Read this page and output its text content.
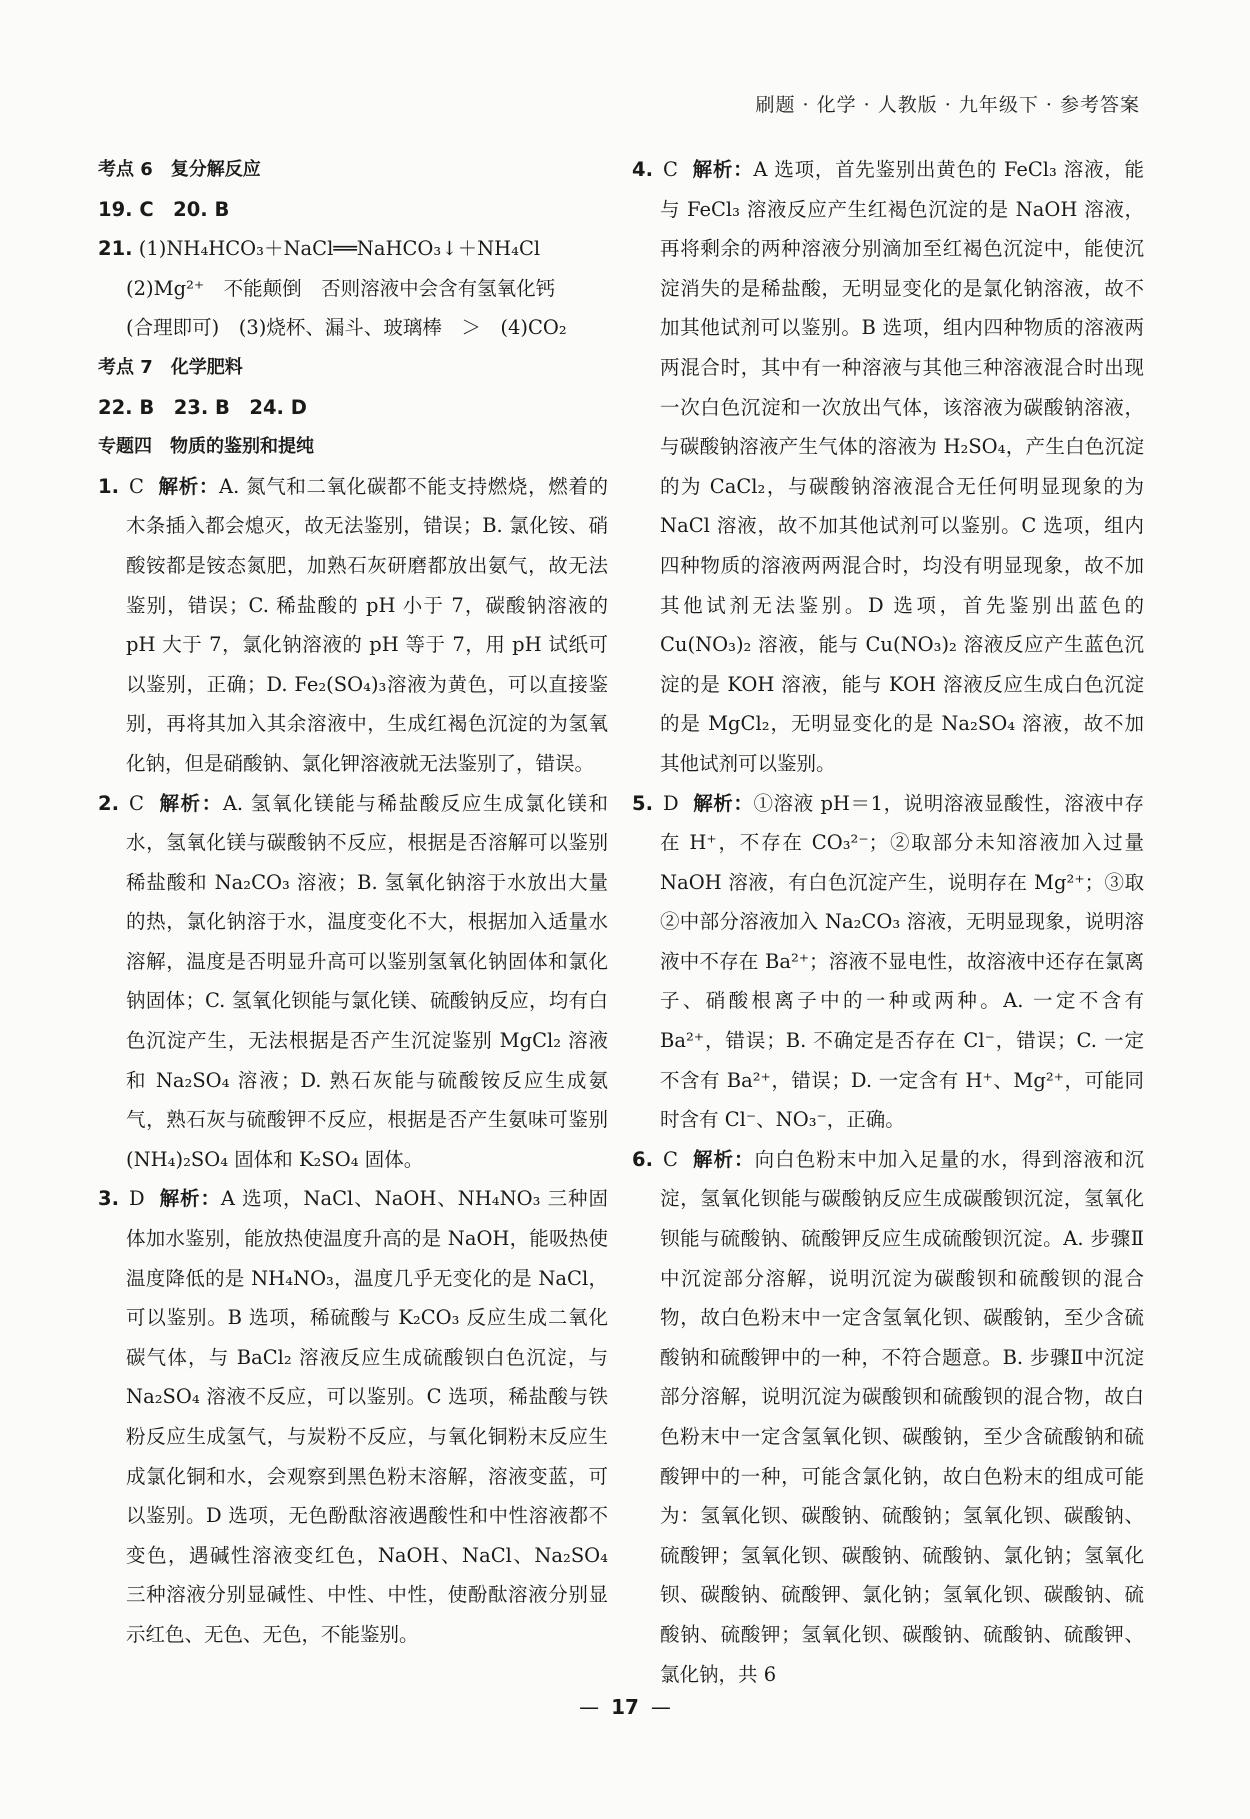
刷题 · 化学 · 人教版 · 九年级下 · 参考答案

考点 6　复分解反应

19. C　20. B

21. (1)NH₄HCO₃＋NaCl══NaHCO₃↓＋NH₄Cl

(2)Mg²⁺　不能颠倒　否则溶液中会含有氢氧化钙

(合理即可)　(3)烧杯、漏斗、玻璃棒　＞　(4)CO₂

考点 7　化学肥料

22. B　23. B　24. D

专题四　物质的鉴别和提纯

1. C 解析：A. 氮气和二氧化碳都不能支持燃烧，燃着的木条插入都会熄灭，故无法鉴别，错误；B. 氯化铵、硝酸铵都是铵态氮肥，加熟石灰研磨都放出氨气，故无法鉴别，错误；C. 稀盐酸的 pH 小于 7，碳酸钠溶液的 pH 大于 7，氯化钠溶液的 pH 等于 7，用 pH 试纸可以鉴别，正确；D. Fe₂(SO₄)₃溶液为黄色，可以直接鉴别，再将其加入其余溶液中，生成红褐色沉淀的为氢氧化钠，但是硝酸钠、氯化钾溶液就无法鉴别了，错误。

2. C 解析：A. 氢氧化镁能与稀盐酸反应生成氯化镁和水，氢氧化镁与碳酸钠不反应，根据是否溶解可以鉴别稀盐酸和 Na₂CO₃ 溶液；B. 氢氧化钠溶于水放出大量的热，氯化钠溶于水，温度变化不大，根据加入适量水溶解，温度是否明显升高可以鉴别氢氧化钠固体和氯化钠固体；C. 氢氧化钡能与氯化镁、硫酸钠反应，均有白色沉淀产生，无法根据是否产生沉淀鉴别 MgCl₂ 溶液和 Na₂SO₄ 溶液；D. 熟石灰能与硫酸铵反应生成氨气，熟石灰与硫酸钾不反应，根据是否产生氨味可鉴别(NH₄)₂SO₄ 固体和 K₂SO₄ 固体。

3. D 解析：A 选项，NaCl、NaOH、NH₄NO₃ 三种固体加水鉴别，能放热使温度升高的是 NaOH，能吸热使温度降低的是 NH₄NO₃，温度几乎无变化的是 NaCl，可以鉴别。B 选项，稀硫酸与 K₂CO₃ 反应生成二氧化碳气体，与 BaCl₂ 溶液反应生成硫酸钡白色沉淀，与 Na₂SO₄ 溶液不反应，可以鉴别。C 选项，稀盐酸与铁粉反应生成氢气，与炭粉不反应，与氧化铜粉末反应生成氯化铜和水，会观察到黑色粉末溶解，溶液变蓝，可以鉴别。D 选项，无色酚酞溶液遇酸性和中性溶液都不变色，遇碱性溶液变红色，NaOH、NaCl、Na₂SO₄ 三种溶液分别显碱性、中性、中性，使酚酞溶液分别显示红色、无色、无色，不能鉴别。

4. C 解析：A 选项，首先鉴别出黄色的 FeCl₃ 溶液，能与 FeCl₃ 溶液反应产生红褐色沉淀的是 NaOH 溶液，再将剩余的两种溶液分别滴加至红褐色沉淀中，能使沉淀消失的是稀盐酸，无明显变化的是氯化钠溶液，故不加其他试剂可以鉴别。B 选项，组内四种物质的溶液两两混合时，其中有一种溶液与其他三种溶液混合时出现一次白色沉淀和一次放出气体，该溶液为碳酸钠溶液，与碳酸钠溶液产生气体的溶液为 H₂SO₄，产生白色沉淀的为 CaCl₂，与碳酸钠溶液混合无任何明显现象的为 NaCl 溶液，故不加其他试剂可以鉴别。C 选项，组内四种物质的溶液两两混合时，均没有明显现象，故不加其他试剂无法鉴别。D 选项，首先鉴别出蓝色的 Cu(NO₃)₂ 溶液，能与 Cu(NO₃)₂ 溶液反应产生蓝色沉淀的是 KOH 溶液，能与 KOH 溶液反应生成白色沉淀的是 MgCl₂，无明显变化的是 Na₂SO₄ 溶液，故不加其他试剂可以鉴别。

5. D 解析：①溶液 pH＝1，说明溶液显酸性，溶液中存在 H⁺，不存在 CO₃²⁻；②取部分未知溶液加入过量 NaOH 溶液，有白色沉淀产生，说明存在 Mg²⁺；③取②中部分溶液加入 Na₂CO₃ 溶液，无明显现象，说明溶液中不存在 Ba²⁺；溶液不显电性，故溶液中还存在氯离子、硝酸根离子中的一种或两种。A. 一定不含有 Ba²⁺，错误；B. 不确定是否存在 Cl⁻，错误；C. 一定不含有 Ba²⁺，错误；D. 一定含有 H⁺、Mg²⁺，可能同时含有 Cl⁻、NO₃⁻，正确。

6. C 解析：向白色粉末中加入足量的水，得到溶液和沉淀，氢氧化钡能与碳酸钠反应生成碳酸钡沉淀，氢氧化钡能与硫酸钠、硫酸钾反应生成硫酸钡沉淀。A. 步骤Ⅱ中沉淀部分溶解，说明沉淀为碳酸钡和硫酸钡的混合物，故白色粉末中一定含氢氧化钡、碳酸钠，至少含硫酸钠和硫酸钾中的一种，不符合题意。B. 步骤Ⅱ中沉淀部分溶解，说明沉淀为碳酸钡和硫酸钡的混合物，故白色粉末中一定含氢氧化钡、碳酸钠，至少含硫酸钠和硫酸钾中的一种，可能含氯化钠，故白色粉末的组成可能为：氢氧化钡、碳酸钠、硫酸钠；氢氧化钡、碳酸钠、硫酸钾；氢氧化钡、碳酸钠、硫酸钠、氯化钠；氢氧化钡、碳酸钠、硫酸钾、氯化钠；氢氧化钡、碳酸钠、硫酸钠、硫酸钾；氢氧化钡、碳酸钠、硫酸钠、硫酸钾、氯化钠，共 6

— 17 —
